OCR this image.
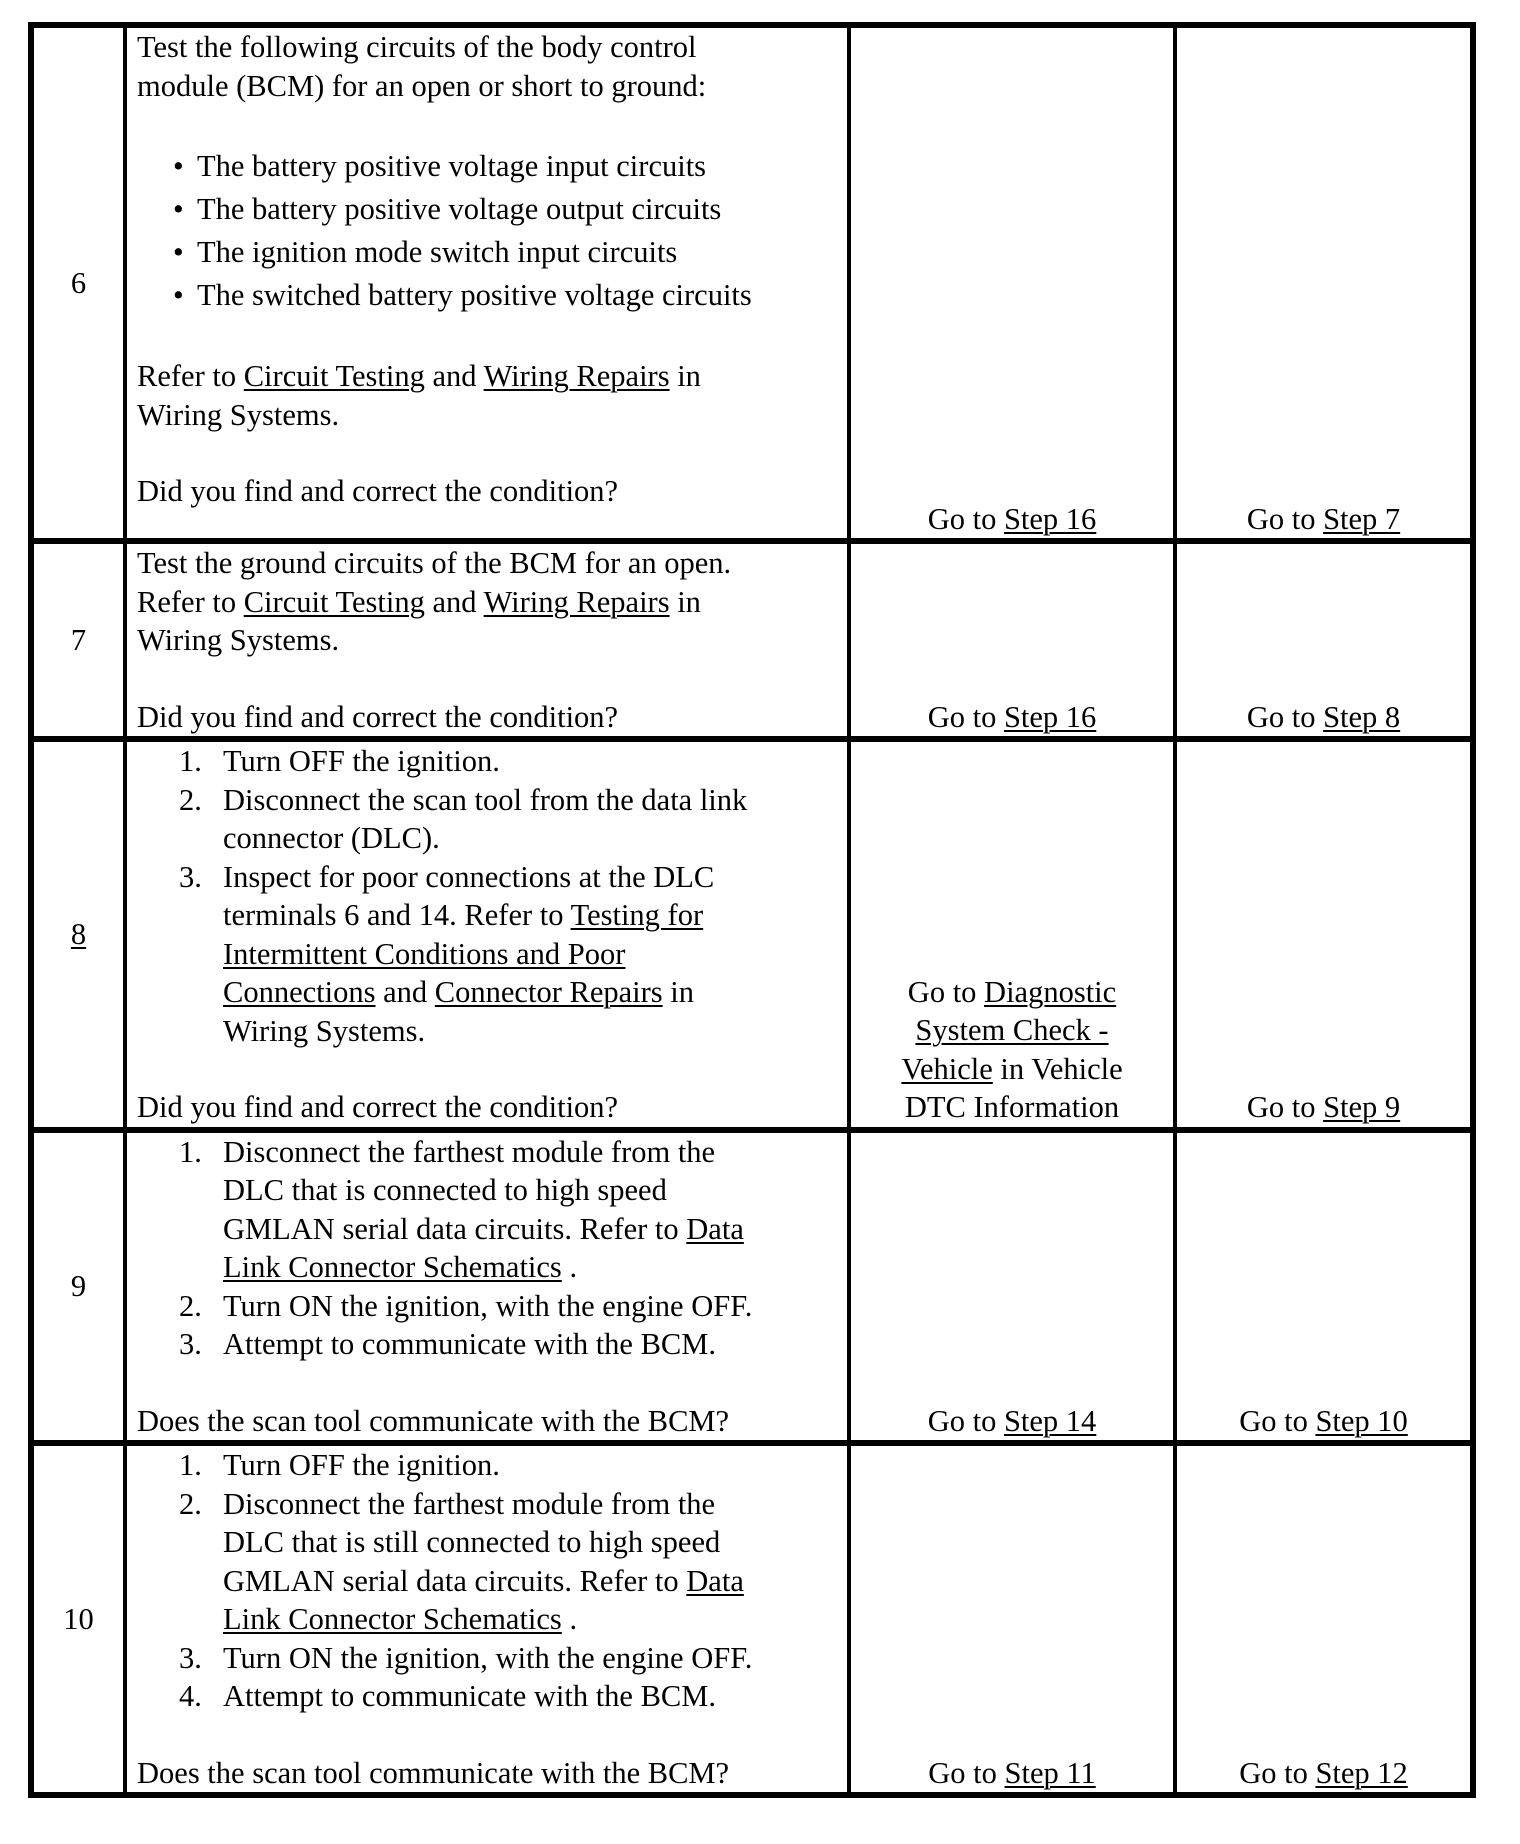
6	
Test the following circuits of the body control
module (BCM) for an open or short to ground:
• The battery positive voltage input circuits
• The battery positive voltage output circuits
• The ignition mode switch input circuits
• The switched battery positive voltage circuits
Refer to Circuit Testing and Wiring Repairs in
Wiring Systems.
Did you find and correct the condition?

Go to Step 16	Go to Step 7

7	Test the ground circuits of the BCM for an open.
Refer to Circuit Testing and Wiring Repairs in
Wiring Systems.
Did you find and correct the condition?	Go to Step 16	Go to Step 8

8	
1. Turn OFF the ignition.
2. Disconnect the scan tool from the data link
connector (DLC).
3. Inspect for poor connections at the DLC
terminals 6 and 14. Refer to Testing for
Intermittent Conditions and Poor
Connections and Connector Repairs in
Wiring Systems.
Did you find and correct the condition?

Go to Diagnostic
System Check -
Vehicle in Vehicle
DTC Information	Go to Step 9

9	
1. Disconnect the farthest module from the
DLC that is connected to high speed
GMLAN serial data circuits. Refer to Data
Link Connector Schematics .
2. Turn ON the ignition, with the engine OFF.
3. Attempt to communicate with the BCM.
Does the scan tool communicate with the BCM?	Go to Step 14	Go to Step 10

10	
1. Turn OFF the ignition.
2. Disconnect the farthest module from the
DLC that is still connected to high speed
GMLAN serial data circuits. Refer to Data
Link Connector Schematics .
3. Turn ON the ignition, with the engine OFF.
4. Attempt to communicate with the BCM.
Does the scan tool communicate with the BCM?	Go to Step 11	Go to Step 12
